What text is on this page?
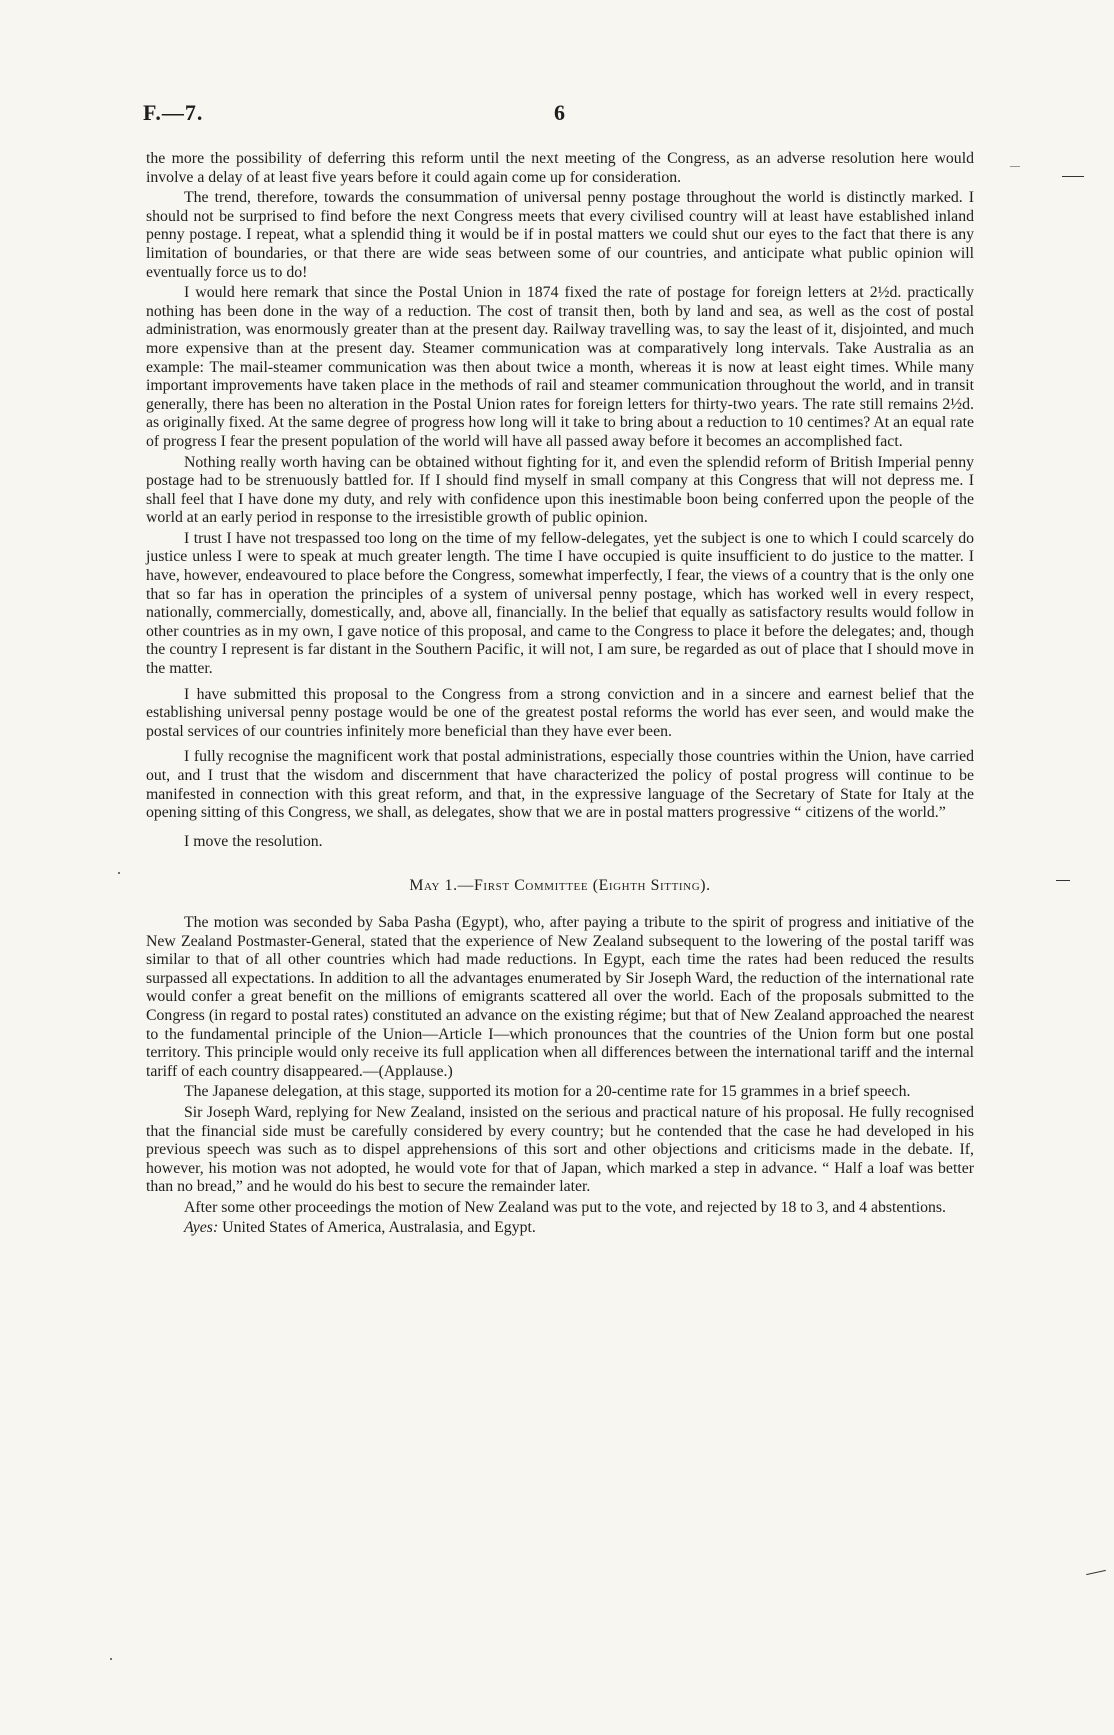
F.—7.	6

the more the possibility of deferring this reform until the next meeting of the Congress, as an adverse resolution here would involve a delay of at least five years before it could again come up for consideration.

The trend, therefore, towards the consummation of universal penny postage throughout the world is distinctly marked. I should not be surprised to find before the next Congress meets that every civilised country will at least have established inland penny postage. I repeat, what a splendid thing it would be if in postal matters we could shut our eyes to the fact that there is any limitation of boundaries, or that there are wide seas between some of our countries, and anticipate what public opinion will eventually force us to do!

I would here remark that since the Postal Union in 1874 fixed the rate of postage for foreign letters at 2½d. practically nothing has been done in the way of a reduction. The cost of transit then, both by land and sea, as well as the cost of postal administration, was enormously greater than at the present day. Railway travelling was, to say the least of it, disjointed, and much more expensive than at the present day. Steamer communication was at comparatively long intervals. Take Australia as an example: The mail-steamer communication was then about twice a month, whereas it is now at least eight times. While many important improvements have taken place in the methods of rail and steamer communication throughout the world, and in transit generally, there has been no alteration in the Postal Union rates for foreign letters for thirty-two years. The rate still remains 2½d. as originally fixed. At the same degree of progress how long will it take to bring about a reduction to 10 centimes? At an equal rate of progress I fear the present population of the world will have all passed away before it becomes an accomplished fact.

Nothing really worth having can be obtained without fighting for it, and even the splendid reform of British Imperial penny postage had to be strenuously battled for. If I should find myself in small company at this Congress that will not depress me. I shall feel that I have done my duty, and rely with confidence upon this inestimable boon being conferred upon the people of the world at an early period in response to the irresistible growth of public opinion.

I trust I have not trespassed too long on the time of my fellow-delegates, yet the subject is one to which I could scarcely do justice unless I were to speak at much greater length. The time I have occupied is quite insufficient to do justice to the matter. I have, however, endeavoured to place before the Congress, somewhat imperfectly, I fear, the views of a country that is the only one that so far has in operation the principles of a system of universal penny postage, which has worked well in every respect, nationally, commercially, domestically, and, above all, financially. In the belief that equally as satisfactory results would follow in other countries as in my own, I gave notice of this proposal, and came to the Congress to place it before the delegates; and, though the country I represent is far distant in the Southern Pacific, it will not, I am sure, be regarded as out of place that I should move in the matter.

I have submitted this proposal to the Congress from a strong conviction and in a sincere and earnest belief that the establishing universal penny postage would be one of the greatest postal reforms the world has ever seen, and would make the postal services of our countries infinitely more beneficial than they have ever been.

I fully recognise the magnificent work that postal administrations, especially those countries within the Union, have carried out, and I trust that the wisdom and discernment that have characterized the policy of postal progress will continue to be manifested in connection with this great reform, and that, in the expressive language of the Secretary of State for Italy at the opening sitting of this Congress, we shall, as delegates, show that we are in postal matters progressive “ citizens of the world.”

I move the resolution.

May 1.—First Committee (Eighth Sitting).

The motion was seconded by Saba Pasha (Egypt), who, after paying a tribute to the spirit of progress and initiative of the New Zealand Postmaster-General, stated that the experience of New Zealand subsequent to the lowering of the postal tariff was similar to that of all other countries which had made reductions. In Egypt, each time the rates had been reduced the results surpassed all expectations. In addition to all the advantages enumerated by Sir Joseph Ward, the reduction of the international rate would confer a great benefit on the millions of emigrants scattered all over the world. Each of the proposals submitted to the Congress (in regard to postal rates) constituted an advance on the existing régime; but that of New Zealand approached the nearest to the fundamental principle of the Union—Article I—which pronounces that the countries of the Union form but one postal territory. This principle would only receive its full application when all differences between the international tariff and the internal tariff of each country disappeared.—(Applause.)

The Japanese delegation, at this stage, supported its motion for a 20-centime rate for 15 grammes in a brief speech.

Sir Joseph Ward, replying for New Zealand, insisted on the serious and practical nature of his proposal. He fully recognised that the financial side must be carefully considered by every country; but he contended that the case he had developed in his previous speech was such as to dispel apprehensions of this sort and other objections and criticisms made in the debate. If, however, his motion was not adopted, he would vote for that of Japan, which marked a step in advance. “ Half a loaf was better than no bread,” and he would do his best to secure the remainder later.

After some other proceedings the motion of New Zealand was put to the vote, and rejected by 18 to 3, and 4 abstentions.

Ayes: United States of America, Australasia, and Egypt.
